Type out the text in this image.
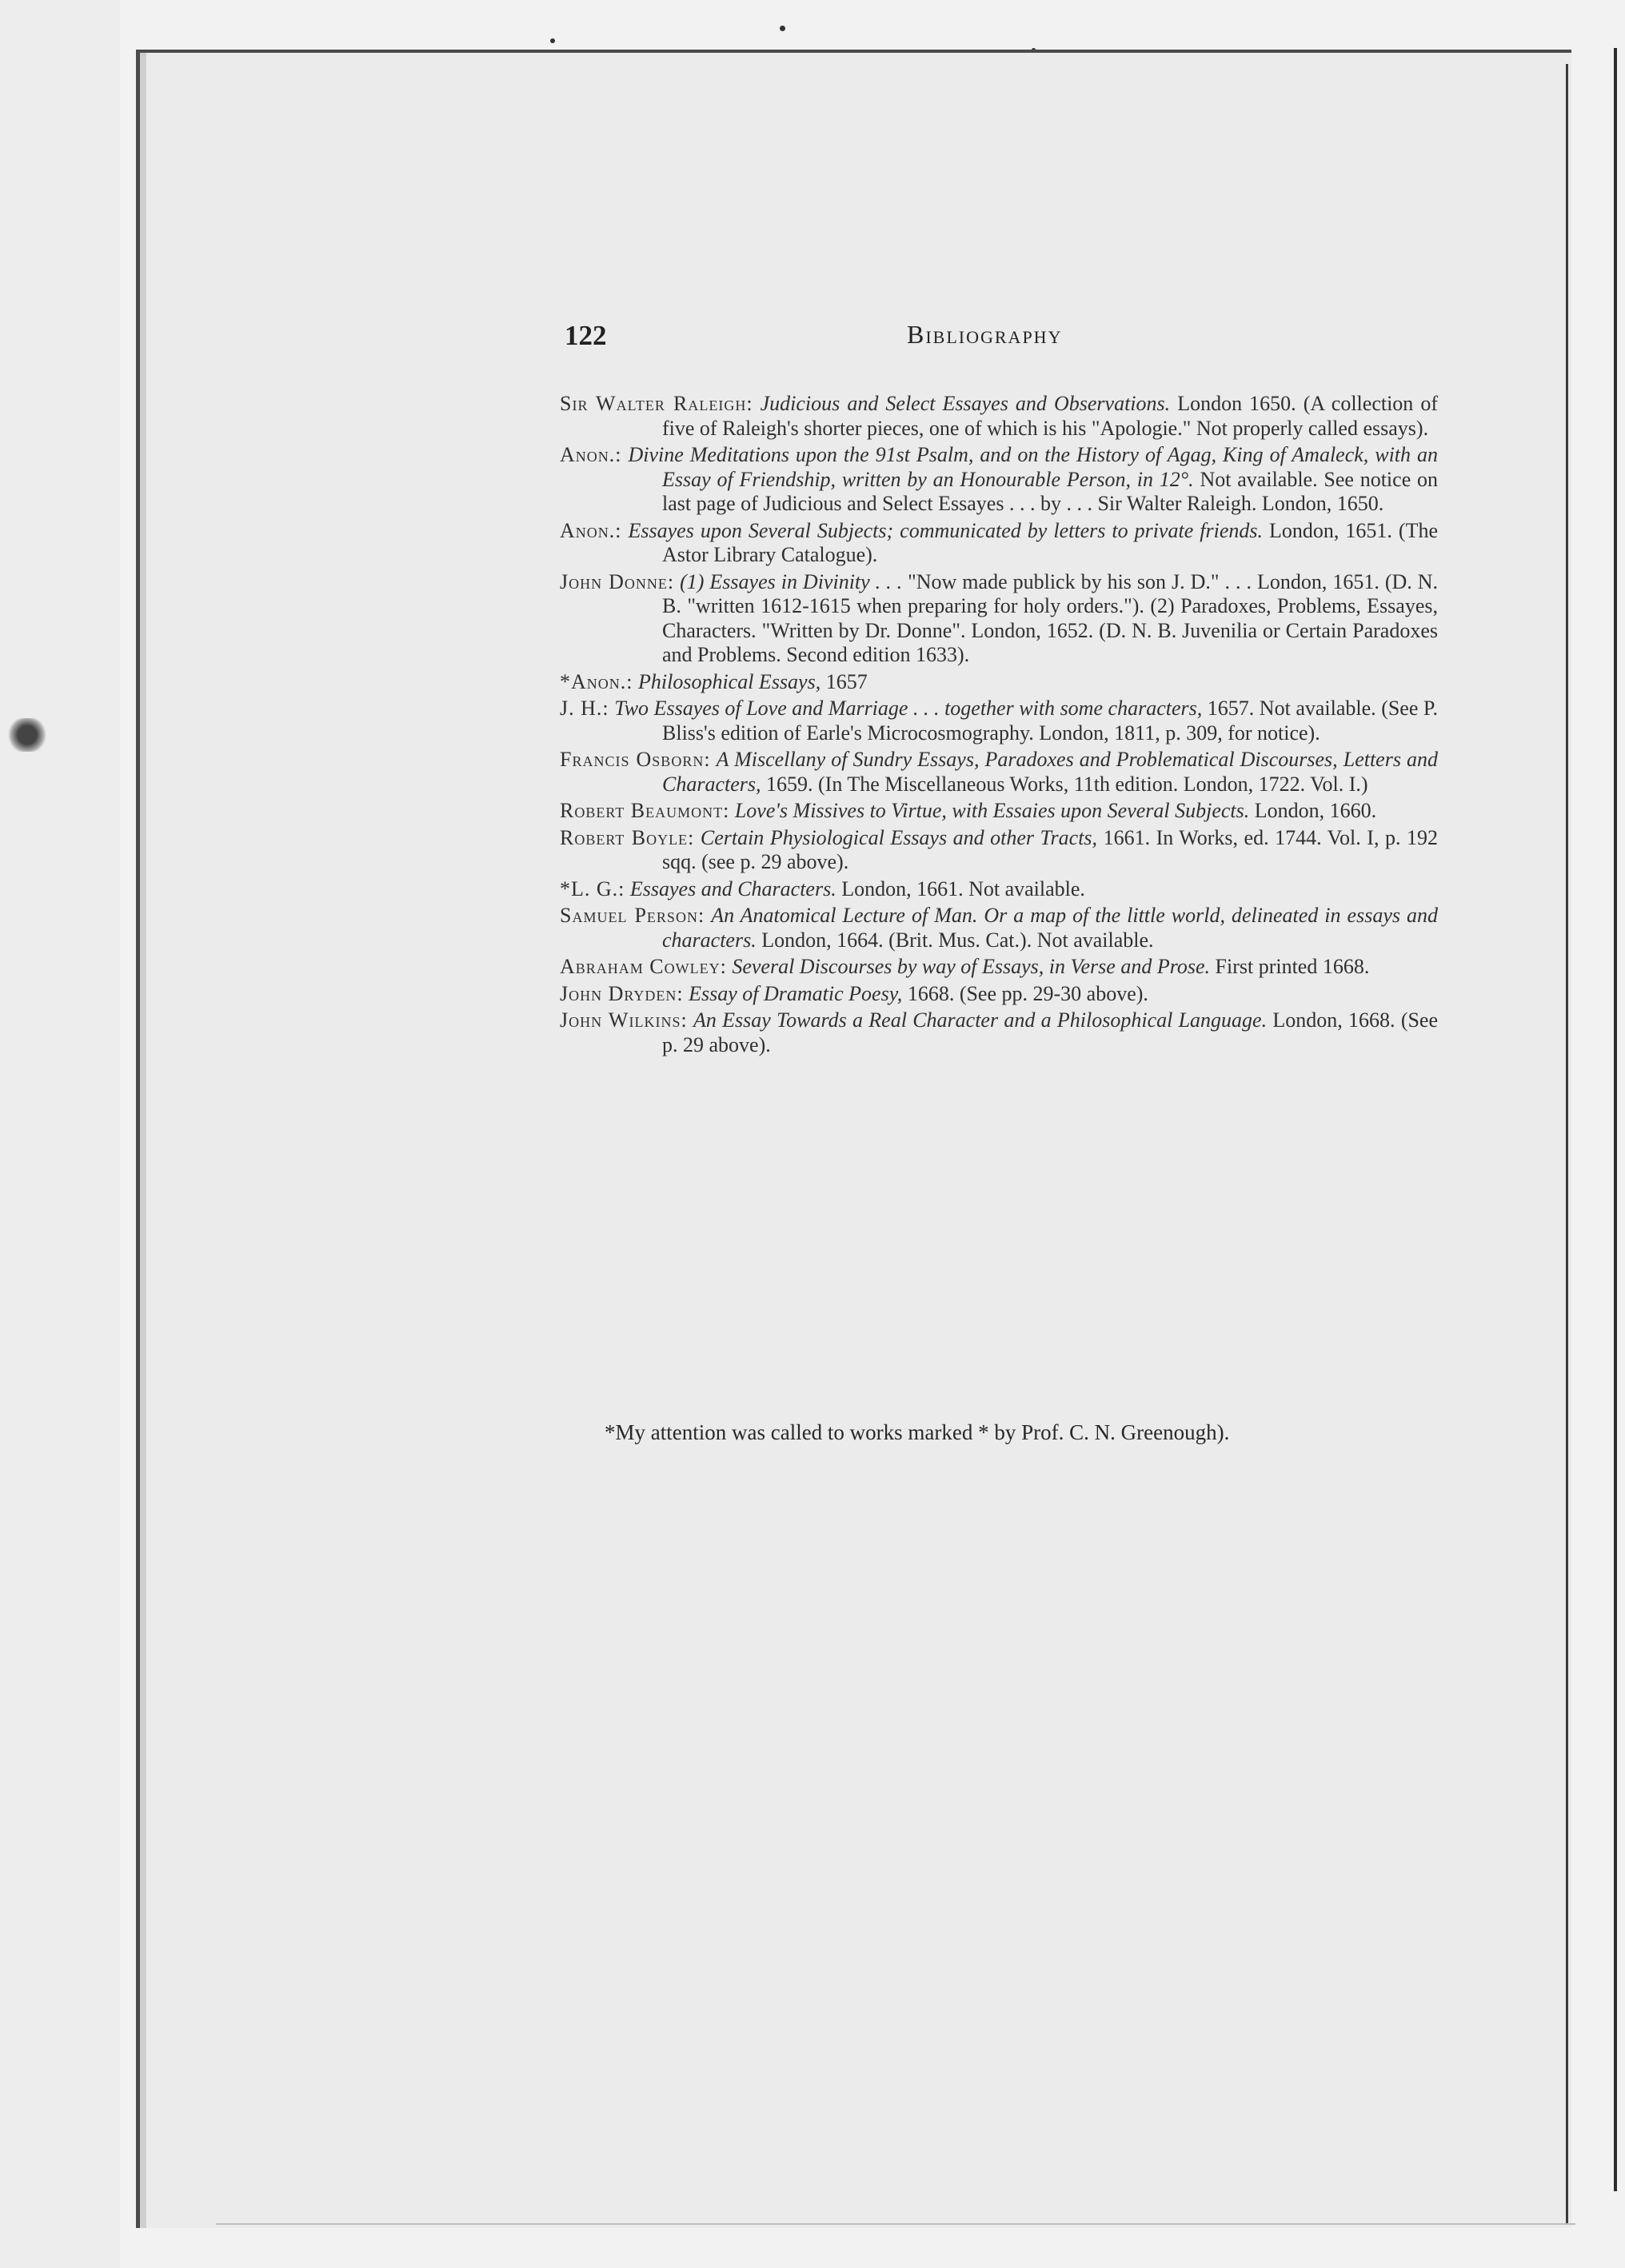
122	Bibliography

Sir Walter Raleigh: Judicious and Select Essayes and Observations. London 1650. (A collection of five of Raleigh's shorter pieces, one of which is his "Apologie." Not properly called essays).

Anon.: Divine Meditations upon the 91st Psalm, and on the History of Agag, King of Amaleck, with an Essay of Friendship, written by an Honourable Person, in 12°. Not available. See notice on last page of Judicious and Select Essayes . . . by . . . Sir Walter Raleigh. London, 1650.

Anon.: Essayes upon Several Subjects; communicated by letters to private friends. London, 1651. (The Astor Library Catalogue).

John Donne: (1) Essayes in Divinity . . . "Now made publick by his son J. D." . . . London, 1651. (D. N. B. "written 1612-1615 when preparing for holy orders."). (2) Paradoxes, Problems, Essayes, Characters. "Written by Dr. Donne". London, 1652. (D. N. B. Juvenilia or Certain Paradoxes and Problems. Second edition 1633).

*Anon.: Philosophical Essays, 1657

J. H.: Two Essayes of Love and Marriage . . . together with some characters, 1657. Not available. (See P. Bliss's edition of Earle's Microcosmography. London, 1811, p. 309, for notice).

Francis Osborn: A Miscellany of Sundry Essays, Paradoxes and Problematical Discourses, Letters and Characters, 1659. (In The Miscellaneous Works, 11th edition. London, 1722. Vol. I.)

Robert Beaumont: Love's Missives to Virtue, with Essaies upon Several Subjects. London, 1660.

Robert Boyle: Certain Physiological Essays and other Tracts, 1661. In Works, ed. 1744. Vol. I, p. 192 sqq. (see p. 29 above).

*L. G.: Essayes and Characters. London, 1661. Not available.

Samuel Person: An Anatomical Lecture of Man. Or a map of the little world, delineated in essays and characters. London, 1664. (Brit. Mus. Cat.). Not available.

Abraham Cowley: Several Discourses by way of Essays, in Verse and Prose. First printed 1668.

John Dryden: Essay of Dramatic Poesy, 1668. (See pp. 29-30 above).

John Wilkins: An Essay Towards a Real Character and a Philosophical Language. London, 1668. (See p. 29 above).

*My attention was called to works marked * by Prof. C. N. Greenough).
